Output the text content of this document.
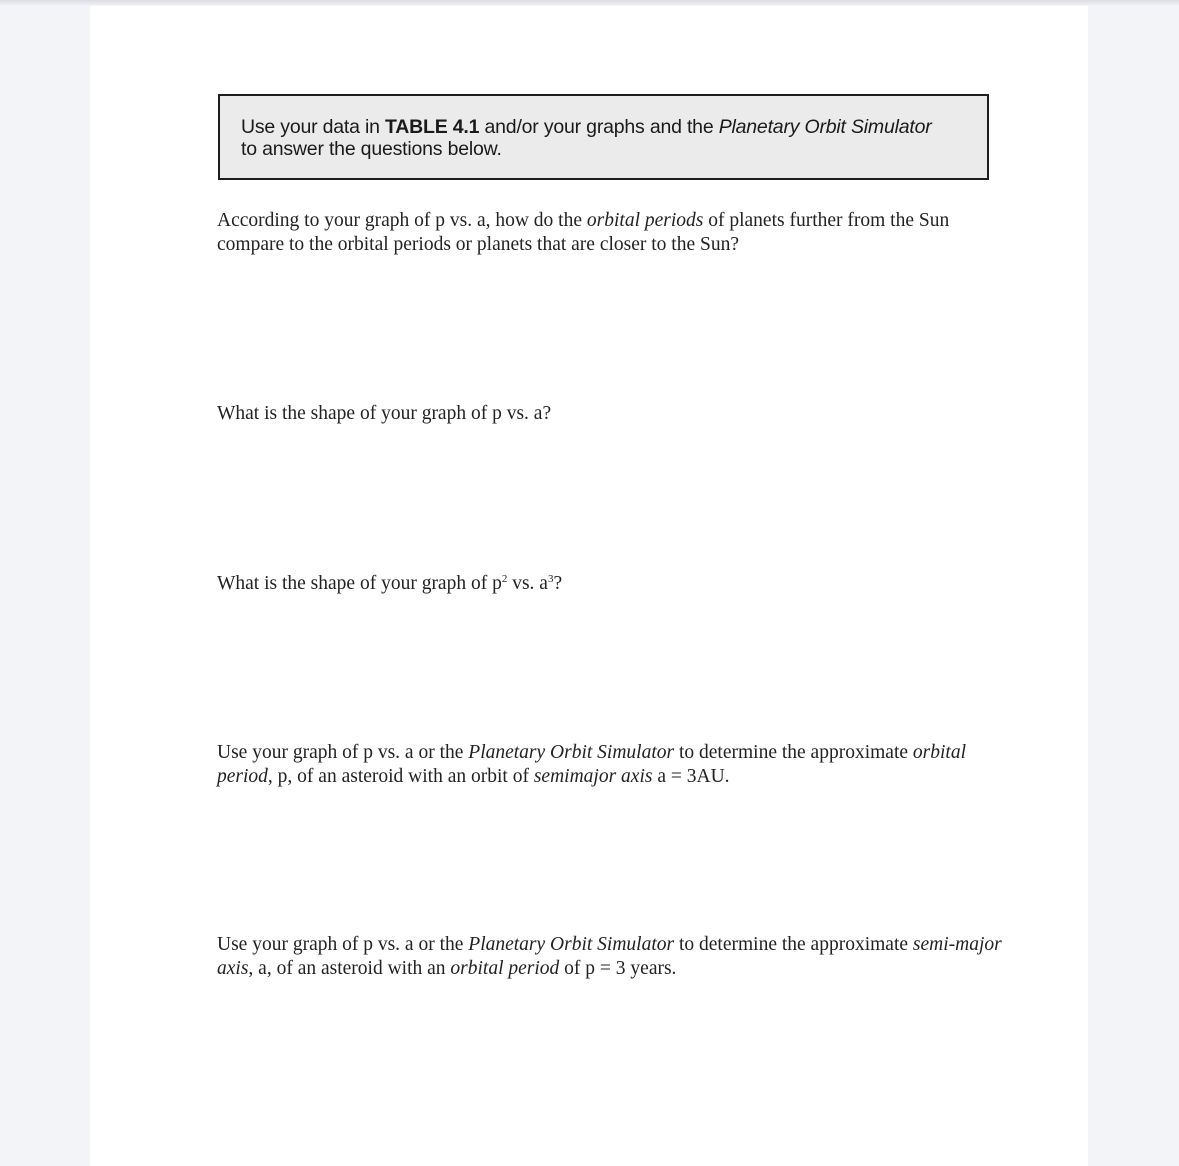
Use your data in TABLE 4.1 and/or your graphs and the Planetary Orbit Simulator
to answer the questions below.
According to your graph of p vs. a, how do the orbital periods of planets further from the Sun compare to the orbital periods or planets that are closer to the Sun?
What is the shape of your graph of p vs. a?
What is the shape of your graph of $p^2$ vs. $a^3$?
Use your graph of p vs. a or the Planetary Orbit Simulator to determine the approximate orbital period, p, of an asteroid with an orbit of semimajor axis a = 3AU.
Use your graph of p vs. a or the Planetary Orbit Simulator to determine the approximate semi-major axis, a, of an asteroid with an orbital period of p = 3 years.
